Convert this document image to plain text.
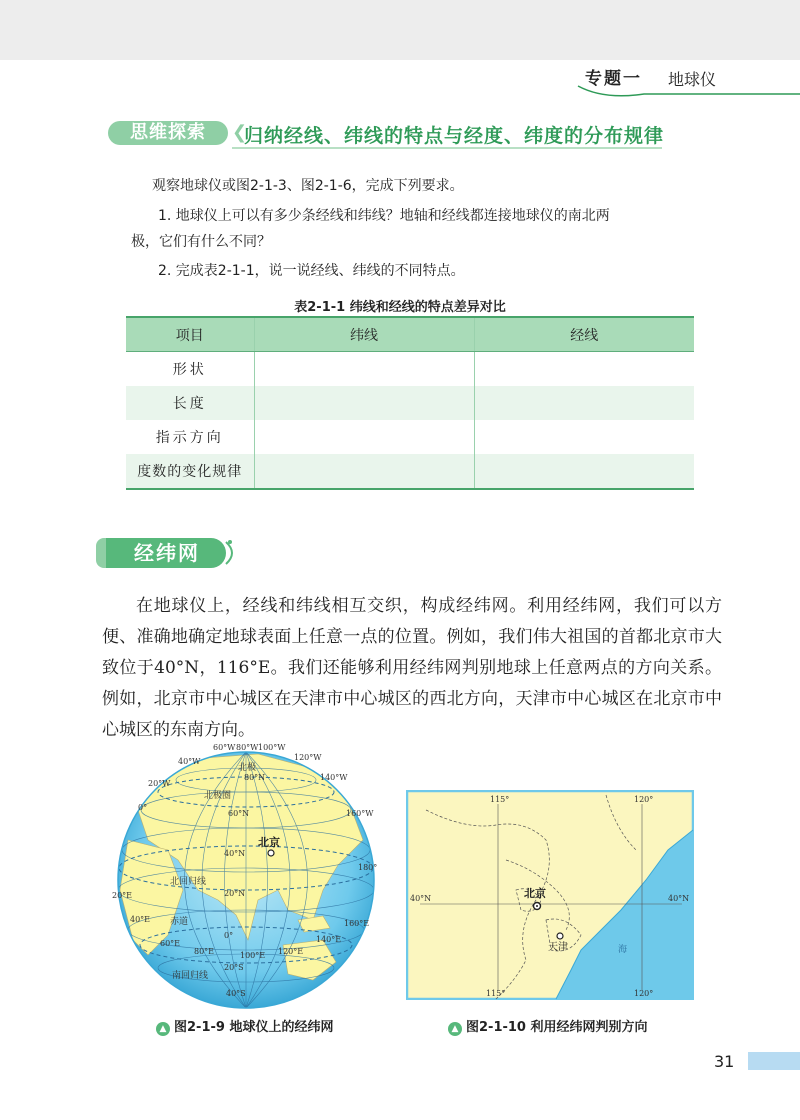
专题一 地球仪
思维探索	❮
归纳经线、纬线的特点与经度、纬度的分布规律
观察地球仪或图2-1-3、图2-1-6，完成下列要求。
1. 地球仪上可以有多少条经线和纬线？地轴和经线都连接地球仪的南北两
极，它们有什么不同？
2. 完成表2-1-1，说一说经线、纬线的不同特点。
表2-1-1 纬线和经线的特点差异对比
项目	纬线	经线
形状		
长度		
指示方向		
度数的变化规律		
经纬网
在地球仪上，经线和纬线相互交织，构成经纬网。利用经纬网，我们可以方便、准确地确定地球表面上任意一点的位置。例如，我们伟大祖国的首都北京市大致位于40°N，116°E。我们还能够利用经纬网判别地球上任意两点的方向关系。例如，北京市中心城区在天津市中心城区的西北方向，天津市中心城区在北京市中心城区的东南方向。
北京
60°W 80°W 100°W
120°W
140°W
40°W
20°W
0°
160°W
180°
20°E
40°E
60°E
80°E	100°E 120°E
140°E
160°E
80°N
60°N
40°N
20°N
0°
20°S
40°S
北极
北极圈
北回归线
赤道
南回归线
▲ 图2-1-9 地球仪上的经纬网
北京
天津	海
115°	120°
115°	120°
40°N	40°N
▲ 图2-1-10 利用经纬网判别方向
31
